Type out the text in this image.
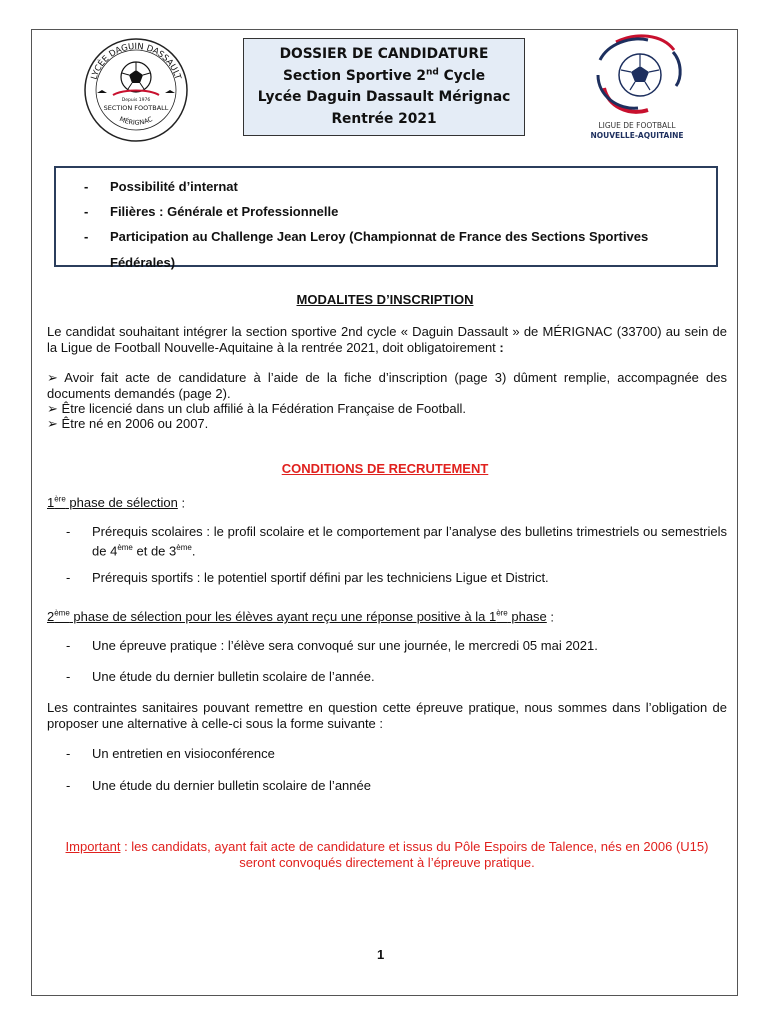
LYCÉE DAGUIN DASSAULT
Depuis 1976
SECTION FOOTBALL
MÉRIGNAC
DOSSIER DE CANDIDATURE
Section Sportive 2nd Cycle
Lycée Daguin Dassault Mérignac
Rentrée 2021	LIGUE DE FOOTBALL
NOUVELLE-AQUITAINE
- Possibilité d’internat
- Filières : Générale et Professionnelle
- Participation au Challenge Jean Leroy (Championnat de France des Sections Sportives Fédérales)
MODALITES D’INSCRIPTION
Le candidat souhaitant intégrer la section sportive 2nd cycle « Daguin Dassault » de MÉRIGNAC (33700) au sein de la Ligue de Football Nouvelle-Aquitaine à la rentrée 2021, doit obligatoirement :
➢ Avoir fait acte de candidature à l’aide de la fiche d’inscription (page 3) dûment remplie, accompagnée des documents demandés (page 2).
➢ Être licencié dans un club affilié à la Fédération Française de Football.
➢ Être né en 2006 ou 2007.
CONDITIONS DE RECRUTEMENT
1ère phase de sélection :
- Prérequis scolaires : le profil scolaire et le comportement par l’analyse des bulletins trimestriels ou semestriels de 4ème et de 3ème.
- Prérequis sportifs : le potentiel sportif défini par les techniciens Ligue et District.
2ème phase de sélection pour les élèves ayant reçu une réponse positive à la 1ère phase :
- Une épreuve pratique : l’élève sera convoqué sur une journée, le mercredi 05 mai 2021.
- Une étude du dernier bulletin scolaire de l’année.
Les contraintes sanitaires pouvant remettre en question cette épreuve pratique, nous sommes dans l’obligation de proposer une alternative à celle-ci sous la forme suivante :
- Un entretien en visioconférence
- Une étude du dernier bulletin scolaire de l’année
Important : les candidats, ayant fait acte de candidature et issus du Pôle Espoirs de Talence, nés en 2006 (U15) seront convoqués directement à l’épreuve pratique.
1
